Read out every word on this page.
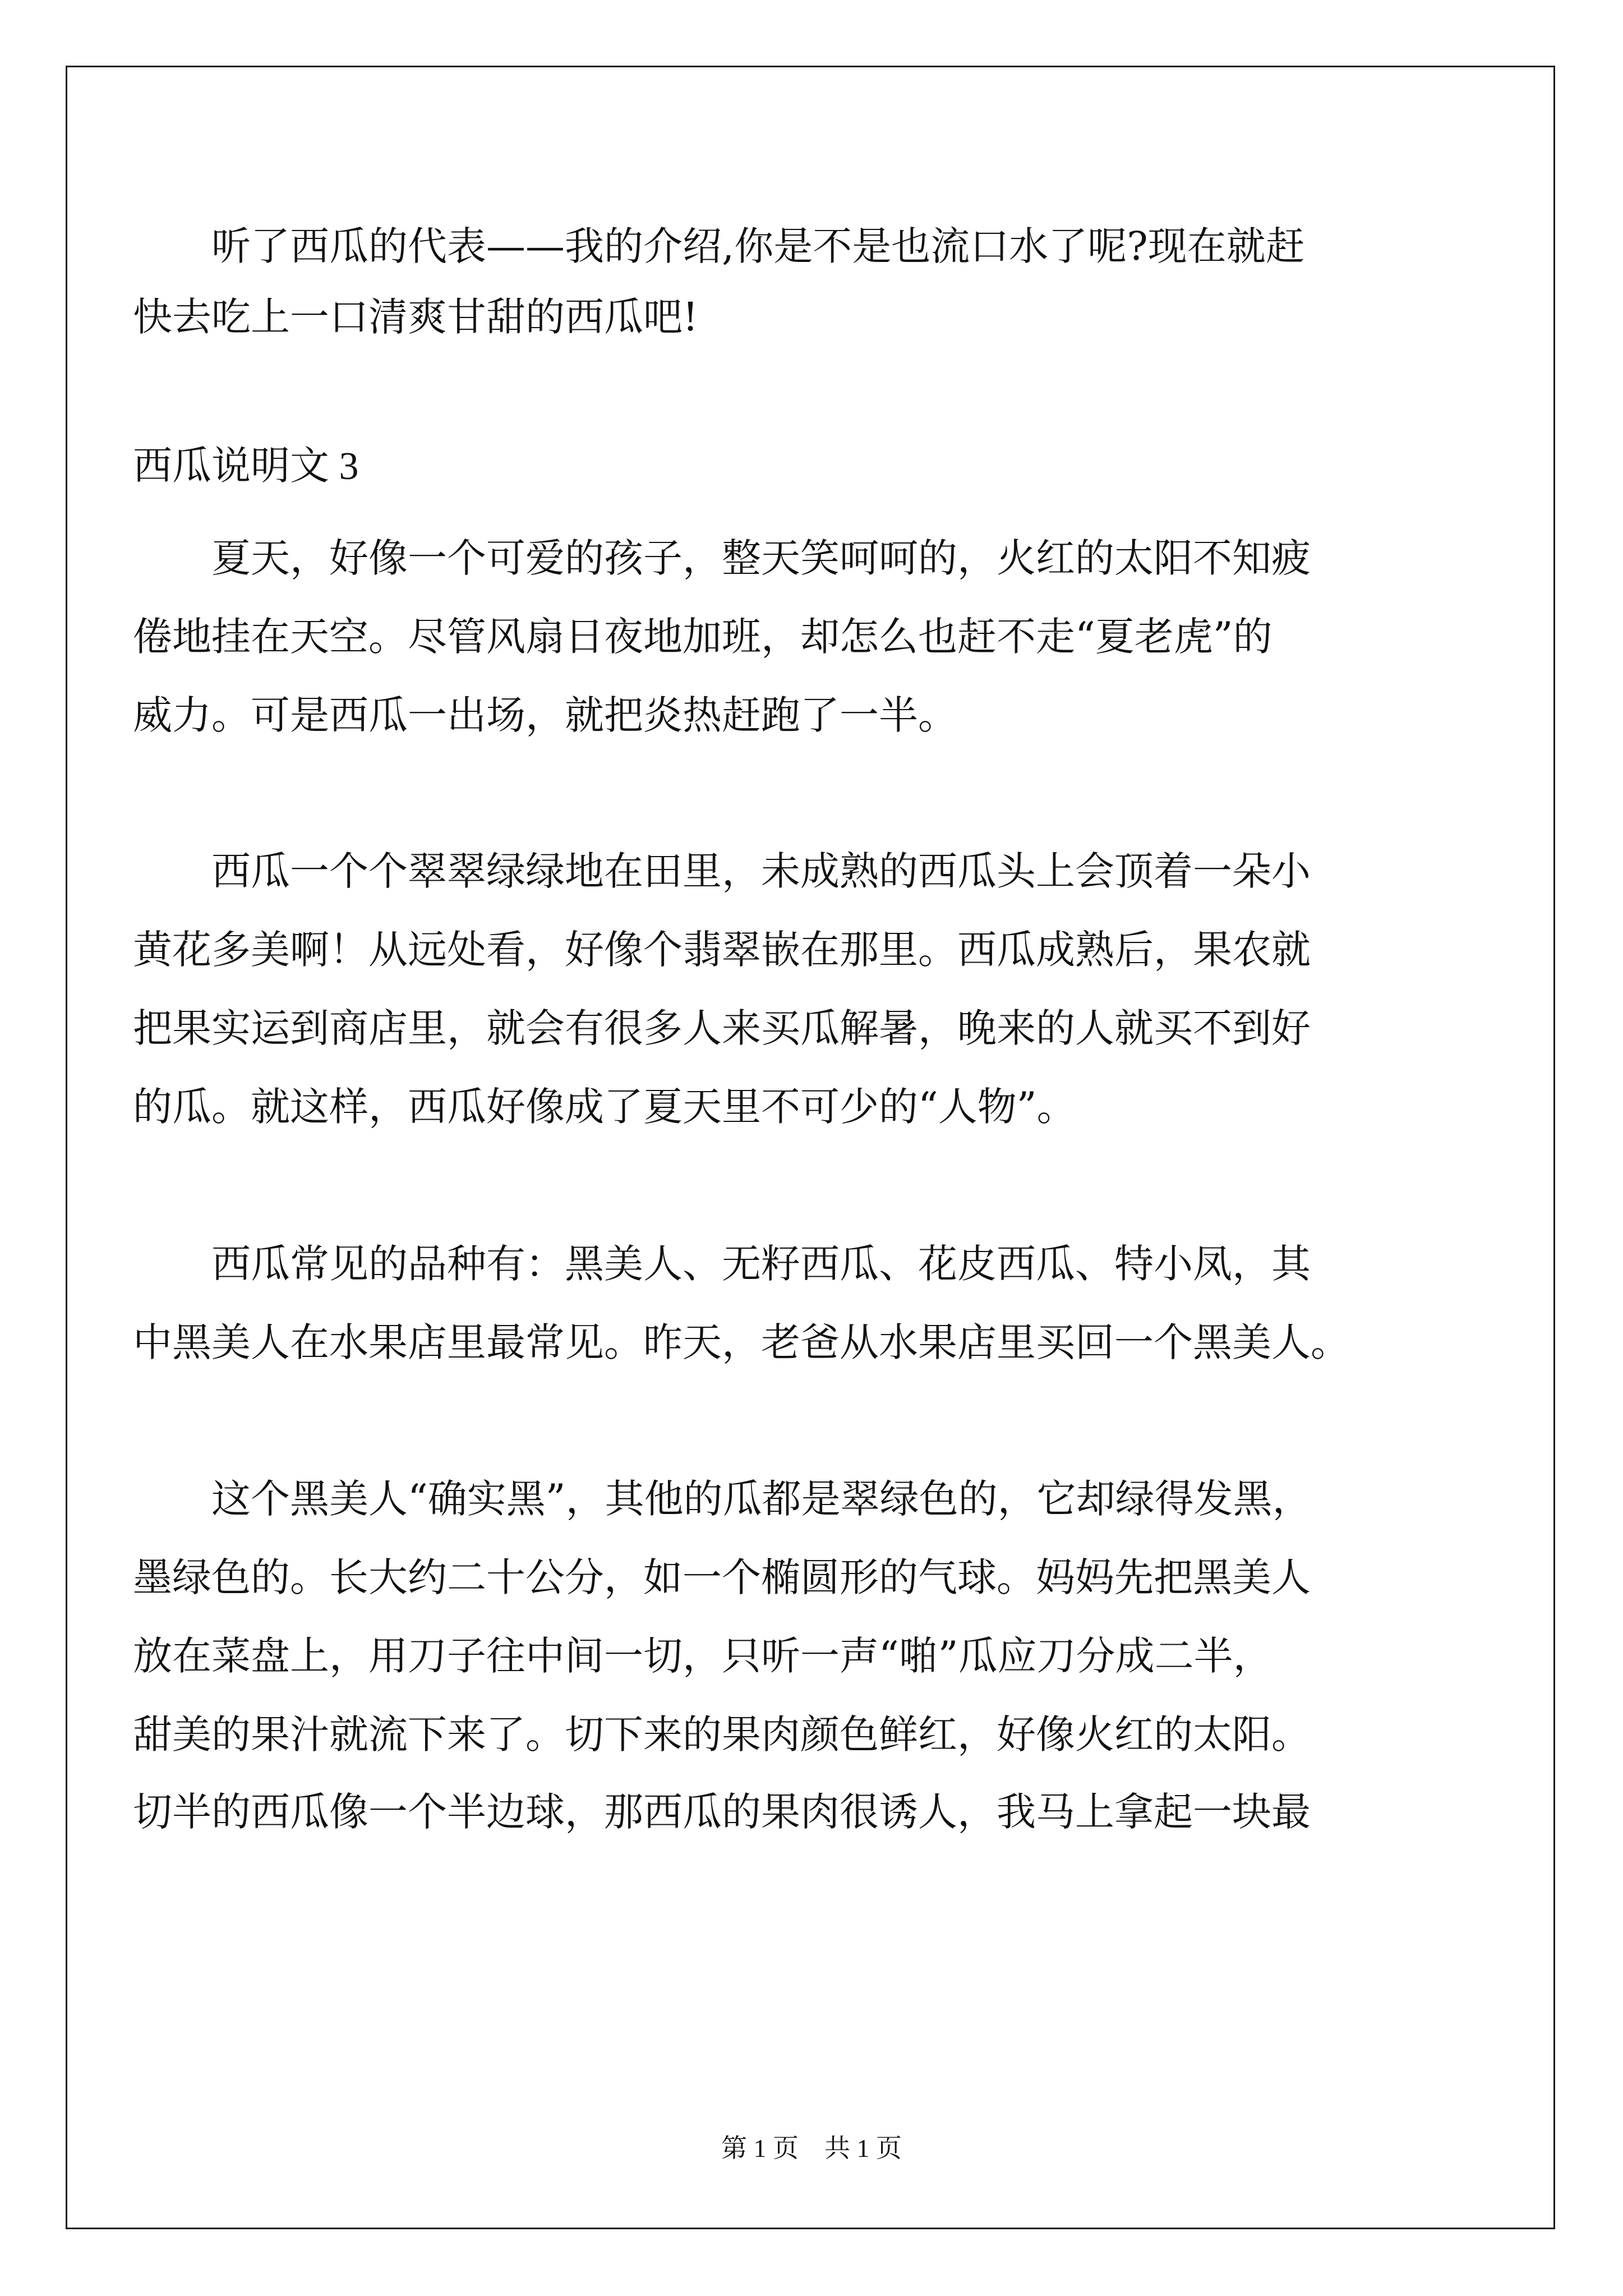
　　听了西瓜的代表——我的介绍,你是不是也流口水了呢?现在就赶
快去吃上一口清爽甘甜的西瓜吧!
西瓜说明文 3
　　夏天，好像一个可爱的孩子，整天笑呵呵的，火红的太阳不知疲
倦地挂在天空。尽管风扇日夜地加班，却怎么也赶不走“夏老虎”的
威力。可是西瓜一出场，就把炎热赶跑了一半。
　　西瓜一个个翠翠绿绿地在田里，未成熟的西瓜头上会顶着一朵小
黄花多美啊！从远处看，好像个翡翠嵌在那里。西瓜成熟后，果农就
把果实运到商店里，就会有很多人来买瓜解暑，晚来的人就买不到好
的瓜。就这样，西瓜好像成了夏天里不可少的“人物”。
　　西瓜常见的品种有：黑美人、无籽西瓜、花皮西瓜、特小凤，其
中黑美人在水果店里最常见。昨天，老爸从水果店里买回一个黑美人。
　　这个黑美人“确实黑”，其他的瓜都是翠绿色的，它却绿得发黑，
墨绿色的。长大约二十公分，如一个椭圆形的气球。妈妈先把黑美人
放在菜盘上，用刀子往中间一切，只听一声“啪”瓜应刀分成二半，
甜美的果汁就流下来了。切下来的果肉颜色鲜红，好像火红的太阳。
切半的西瓜像一个半边球，那西瓜的果肉很诱人，我马上拿起一块最
第 1 页　共 1 页
